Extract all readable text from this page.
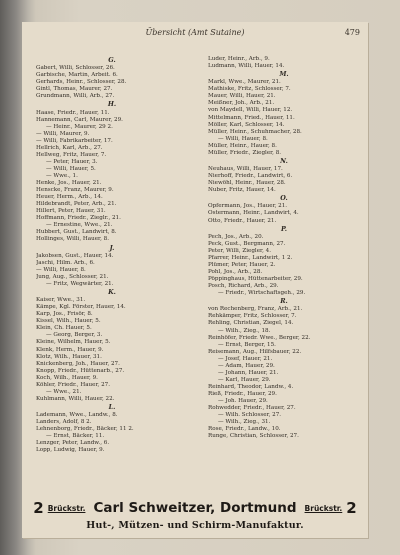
Übersicht (Amt Sutaine)	479
G.
Gabert, Willi, Schlosser, 26.
Garbische, Martin, Arbeit. 6.
Gerhards, Heinr., Schlosser, 28.
Gintl, Thomas, Maurer, 27.
Grundmann, Willi, Arb., 27.
H.
Haase, Friedr., Hauer, 11.
Hannemann, Carl, Maurer, 29.
— Heinr., Maurer, 29 2.
— Willi, Maurer, 9.
— Willi, Fabrikarbeiter, 17.
Hellrich, Karl, Arb., 27.
Hellweg, Fritz, Hauer, 7.
— Peter, Hauer, 3.
— Willi, Hauer, 5.
— Wwe., 1.
Henke, Jos., Hauer, 21.
Henscke, Franz, Maurer, 9.
Heuer, Herm., Arb., 14.
Hildebrandt, Peter, Arb., 21.
Hillert, Peter, Hauer, 31.
Hoffmann, Friedr., Zieglr., 21.
— Ernestine, Wwe., 21.
Hubbert, Gust., Landwirt, 8.
Hollinges, Willi, Hauer, 8.
J.
Jakobsen, Gust., Hauer, 14.
Jaschi, Hilm. Arb., 6.
— Willi, Hauer, 8.
Jung, Aug., Schlosser, 21.
— Fritz, Wegwärter, 21.
K.
Kaiser, Wwe., 31.
Kämpe, Kgl. Förster, Hauer, 14.
Karp, Jos., Frisör, 8.
Kissel, Wilh., Hauer, 5.
Klein, Ch. Hauer, 5.
— Georg, Berger, 3.
Kleine, Wilhelm, Hauer, 5.
Klenk, Herm., Hauer, 9.
Klotz, Wilh., Hauer, 31.
Knickenberg, Joh., Hauer, 27.
Knopp, Friedr., Hüttenarb., 27.
Koch, Wilh., Hauer, 9.
Köhler, Friedr., Hauer, 27.
— Wwe., 21.
Kuhlmann, Willi, Hauer, 22.
L.
Lademann, Wwe., Landw., 8.
Landers, Adolf, 8 2.
Lehnenborg, Friedr., Bäcker, 11 2.
— Ernst, Bäcker, 11.
Lenzger, Peter, Landw., 6.
Lopp, Ludwig, Hauer, 9.
Luder, Heinr., Arb., 9.
Ludmann, Willi, Hauer, 14.
M.
Markl, Wwe., Maurer, 21.
Mathiske, Fritz, Schlosser, 7.
Mauer, Willi, Hauer, 21.
Meißner, Joh., Arb., 21.
von Maydell, Willi, Hauer, 12.
Mittelmann, Fried., Hauer, 11.
Möller, Karl, Schlosser, 14.
Müller, Heinr., Schuhmacher, 28.
— Willi, Hauer, 8.
Müller, Heinr., Hauer, 8.
Müller, Friedr., Ziegler, 8.
N.
Neuhaus, Willi, Hauer, 17.
Nierhoff, Friedr., Landwirt, 6.
Niewöhl, Heinr., Hauer, 28.
Nuber, Fritz, Hauer, 14.
O.
Opfermann, Jos., Hauer, 21.
Ostermann, Heinr., Landwirt, 4.
Otto, Friedr., Hauer, 21.
P.
Pech, Jos., Arb., 20.
Peck, Gust., Bergmann, 27.
Peter, Willi, Ziegler, 4.
Pfarrer, Heinr., Landwirt, 1 2.
Plümer, Peter, Hauer, 2.
Pohl, Jos., Arb., 28.
Pöppinghaus, Hüttenarbeiter, 29.
Posch, Richard, Arb., 29.
— Friedr., Wirtschaftsgeh., 29.
R.
von Rechenberg, Franz, Arb., 21.
Rehkämper, Fritz, Schlosser, 7.
Rehling, Christian, Ziegel, 14.
— Wilh., Zieg., 18.
Reinhöfer, Friedr. Wwe., Berger, 22.
— Ernst, Berger, 15.
Reisemann, Aug., Hilfsbauer, 22.
— Josef, Hauer, 21.
— Adam, Hauer, 29.
— Johann, Hauer, 21.
— Karl, Hauer, 29.
Reinhard, Theodor, Landw., 4.
Rieß, Friedr., Hauer, 29.
— Joh. Hauer, 29.
Rohwedder, Friedr., Hauer, 27.
— Wilh. Schlosser, 27.
— Wilh., Zieg., 31.
Rose, Friedr., Landw., 10.
Runge, Christian, Schlosser, 27.
2 Brückstr. Carl Schweitzer, Dortmund Brückstr. 2
Hut-, Mützen- und Schirm-Manufaktur.
